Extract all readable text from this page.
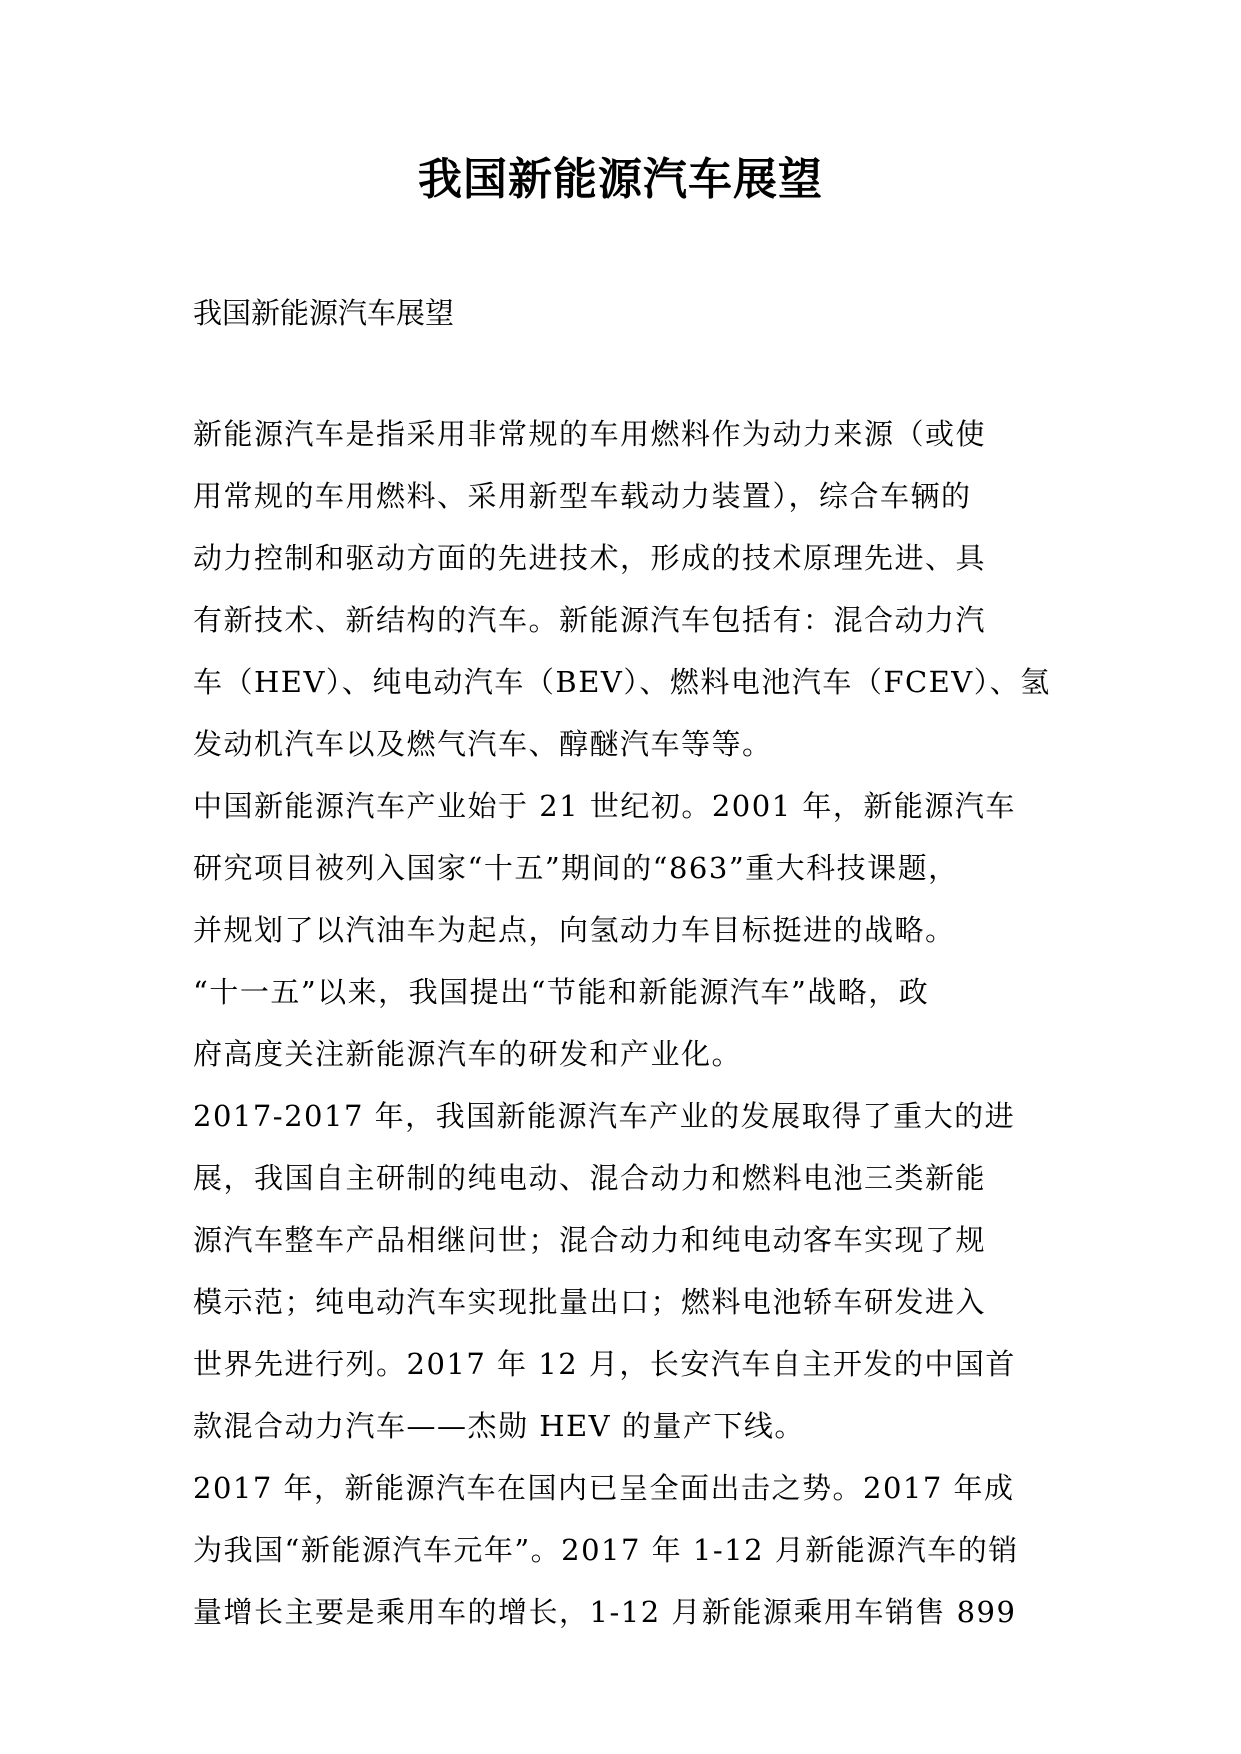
我国新能源汽车展望

我国新能源汽车展望

新能源汽车是指采用非常规的车用燃料作为动力来源（或使
用常规的车用燃料、采用新型车载动力装置），综合车辆的
动力控制和驱动方面的先进技术，形成的技术原理先进、具
有新技术、新结构的汽车。新能源汽车包括有：混合动力汽
车（HEV）、纯电动汽车（BEV）、燃料电池汽车（FCEV）、氢
发动机汽车以及燃气汽车、醇醚汽车等等。

中国新能源汽车产业始于 21 世纪初。2001 年，新能源汽车
研究项目被列入国家“十五”期间的“863”重大科技课题，
并规划了以汽油车为起点，向氢动力车目标挺进的战略。
“十一五”以来，我国提出“节能和新能源汽车”战略，政
府高度关注新能源汽车的研发和产业化。

2017-2017 年，我国新能源汽车产业的发展取得了重大的进
展，我国自主研制的纯电动、混合动力和燃料电池三类新能
源汽车整车产品相继问世；混合动力和纯电动客车实现了规
模示范；纯电动汽车实现批量出口；燃料电池轿车研发进入
世界先进行列。2017 年 12 月，长安汽车自主开发的中国首
款混合动力汽车——杰勋 HEV 的量产下线。

2017 年，新能源汽车在国内已呈全面出击之势。2017 年成
为我国“新能源汽车元年”。2017 年 1-12 月新能源汽车的销
量增长主要是乘用车的增长，1-12 月新能源乘用车销售 899
